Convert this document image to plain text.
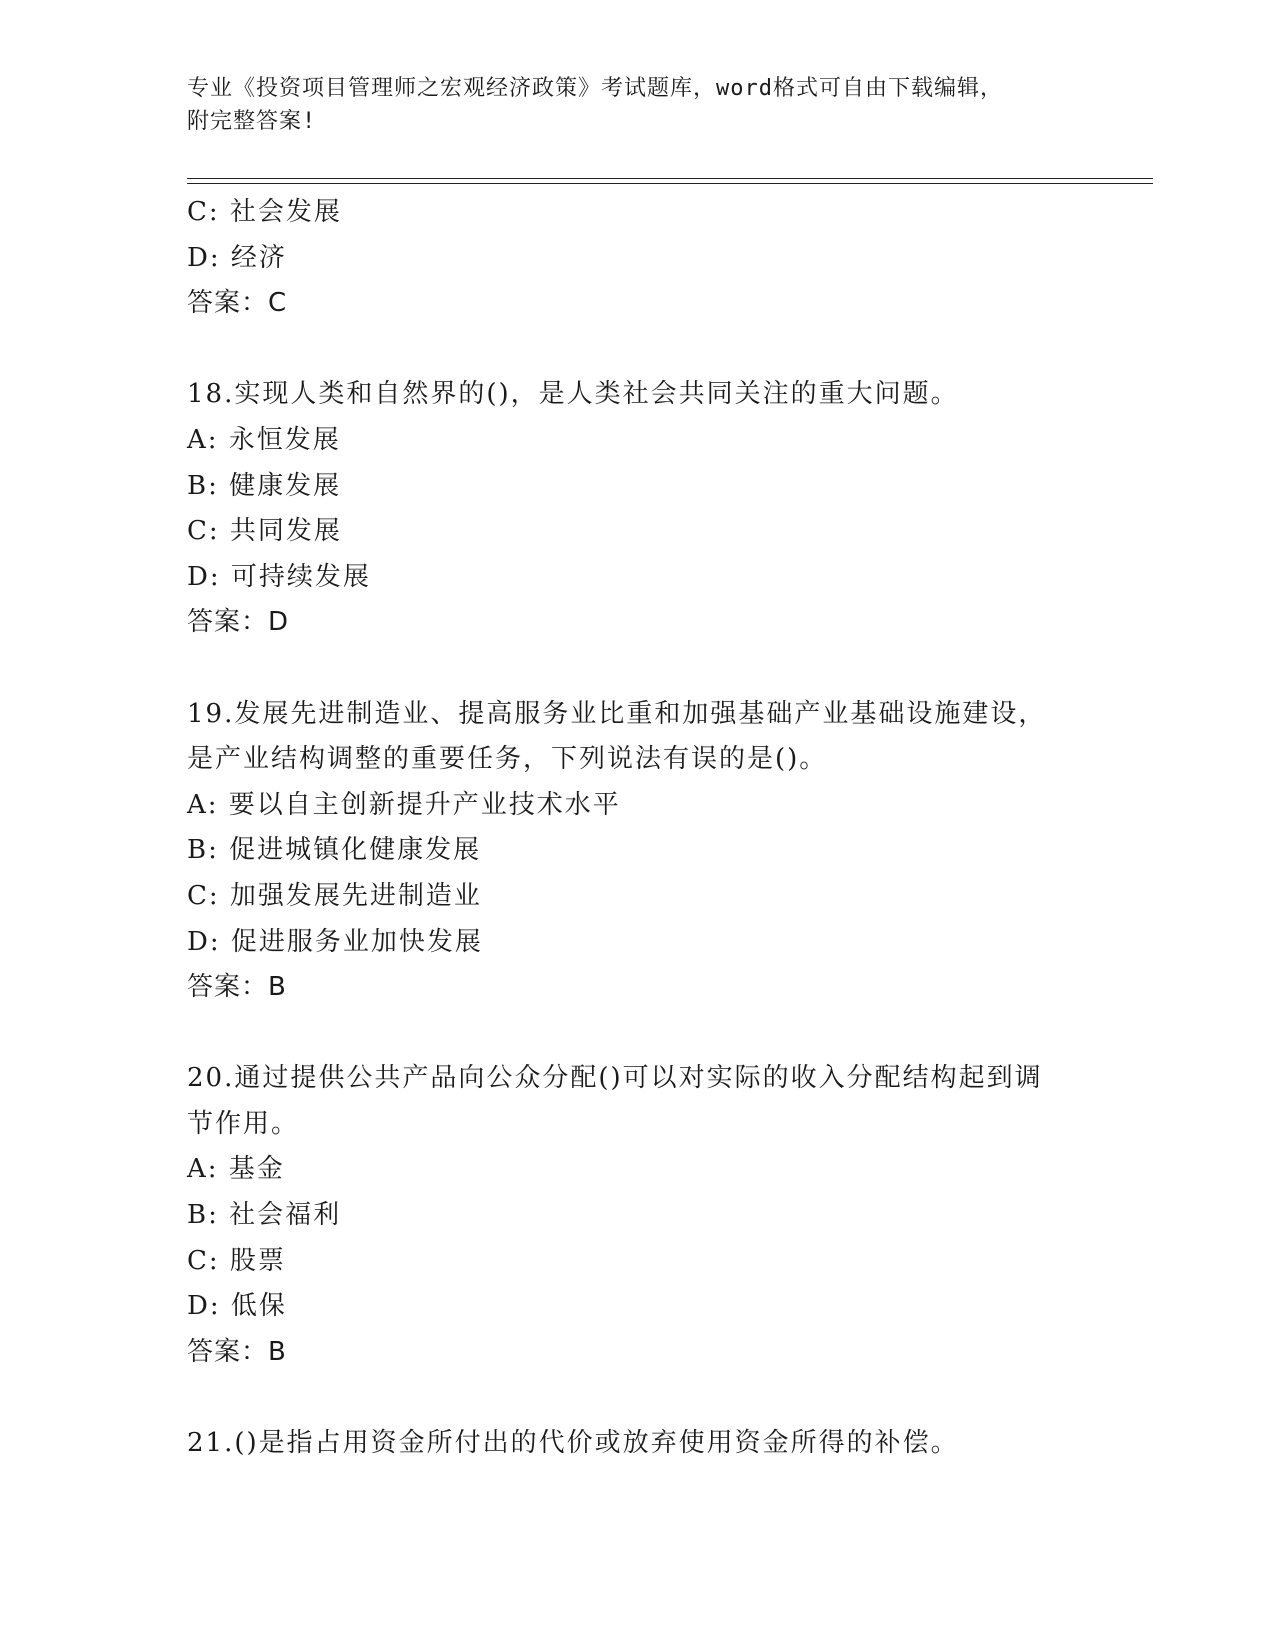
专业《投资项目管理师之宏观经济政策》考试题库，word格式可自由下载编辑，
附完整答案!
C: 社会发展
D: 经济
答案：C
18.实现人类和自然界的()，是人类社会共同关注的重大问题。
A: 永恒发展
B: 健康发展
C: 共同发展
D: 可持续发展
答案：D
19.发展先进制造业、提高服务业比重和加强基础产业基础设施建设，
是产业结构调整的重要任务，下列说法有误的是()。
A: 要以自主创新提升产业技术水平
B: 促进城镇化健康发展
C: 加强发展先进制造业
D: 促进服务业加快发展
答案：B
20.通过提供公共产品向公众分配()可以对实际的收入分配结构起到调
节作用。
A: 基金
B: 社会福利
C: 股票
D: 低保
答案：B
21.()是指占用资金所付出的代价或放弃使用资金所得的补偿。
